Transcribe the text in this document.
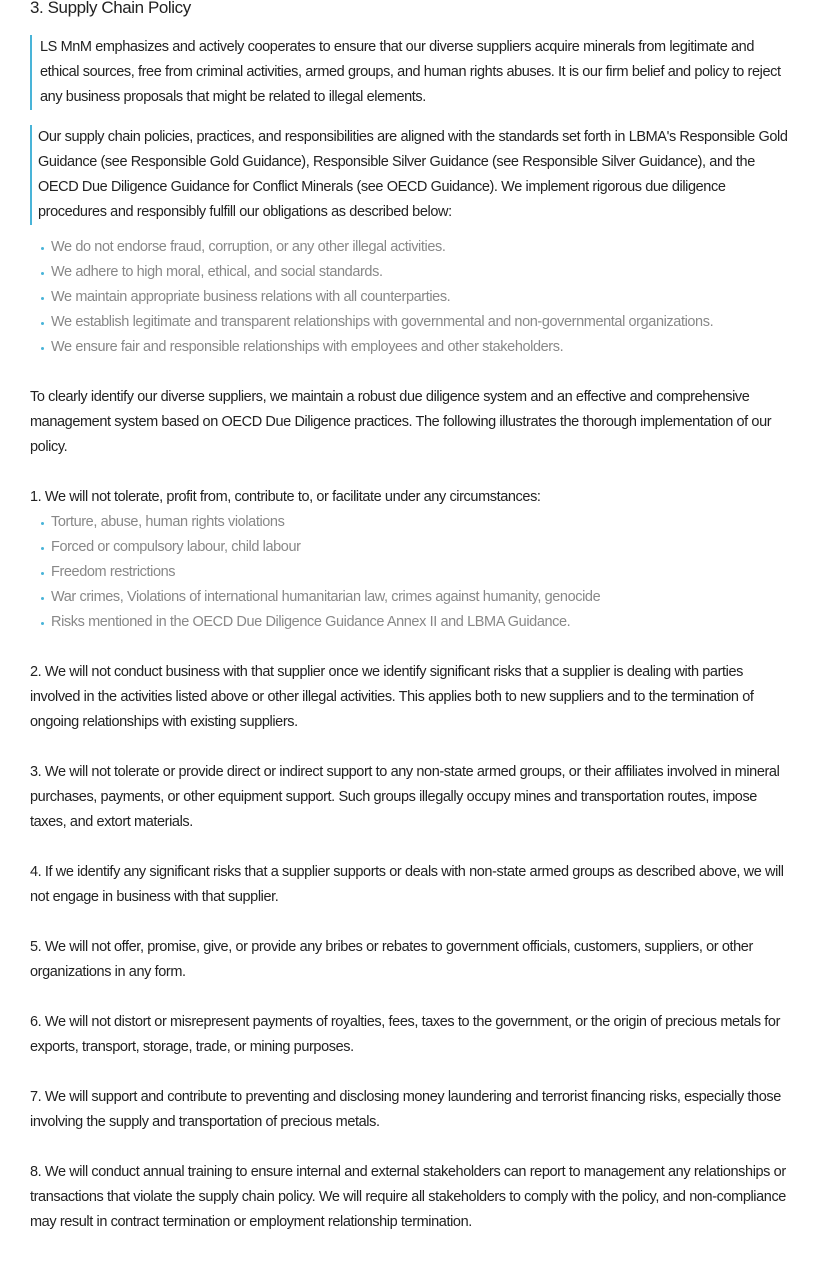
3. Supply Chain Policy
LS MnM emphasizes and actively cooperates to ensure that our diverse suppliers acquire minerals from legitimate and ethical sources, free from criminal activities, armed groups, and human rights abuses. It is our firm belief and policy to reject any business proposals that might be related to illegal elements.
Our supply chain policies, practices, and responsibilities are aligned with the standards set forth in LBMA's Responsible Gold Guidance (see Responsible Gold Guidance), Responsible Silver Guidance (see Responsible Silver Guidance), and the OECD Due Diligence Guidance for Conflict Minerals (see OECD Guidance). We implement rigorous due diligence procedures and responsibly fulfill our obligations as described below:
We do not endorse fraud, corruption, or any other illegal activities.
We adhere to high moral, ethical, and social standards.
We maintain appropriate business relations with all counterparties.
We establish legitimate and transparent relationships with governmental and non-governmental organizations.
We ensure fair and responsible relationships with employees and other stakeholders.

To clearly identify our diverse suppliers, we maintain a robust due diligence system and an effective and comprehensive management system based on OECD Due Diligence practices. The following illustrates the thorough implementation of our policy.

1. We will not tolerate, profit from, contribute to, or facilitate under any circumstances:

Torture, abuse, human rights violations
Forced or compulsory labour, child labour
Freedom restrictions
War crimes, Violations of international humanitarian law, crimes against humanity, genocide
Risks mentioned in the OECD Due Diligence Guidance Annex II and LBMA Guidance.

2. We will not conduct business with that supplier once we identify significant risks that a supplier is dealing with parties involved in the activities listed above or other illegal activities. This applies both to new suppliers and to the termination of ongoing relationships with existing suppliers.

3. We will not tolerate or provide direct or indirect support to any non-state armed groups, or their affiliates involved in mineral purchases, payments, or other equipment support. Such groups illegally occupy mines and transportation routes, impose taxes, and extort materials.

4. If we identify any significant risks that a supplier supports or deals with non-state armed groups as described above, we will not engage in business with that supplier.

5. We will not offer, promise, give, or provide any bribes or rebates to government officials, customers, suppliers, or other organizations in any form.

6. We will not distort or misrepresent payments of royalties, fees, taxes to the government, or the origin of precious metals for exports, transport, storage, trade, or mining purposes.

7. We will support and contribute to preventing and disclosing money laundering and terrorist financing risks, especially those involving the supply and transportation of precious metals.

8. We will conduct annual training to ensure internal and external stakeholders can report to management any relationships or transactions that violate the supply chain policy. We will require all stakeholders to comply with the policy, and non-compliance may result in contract termination or employment relationship termination.
